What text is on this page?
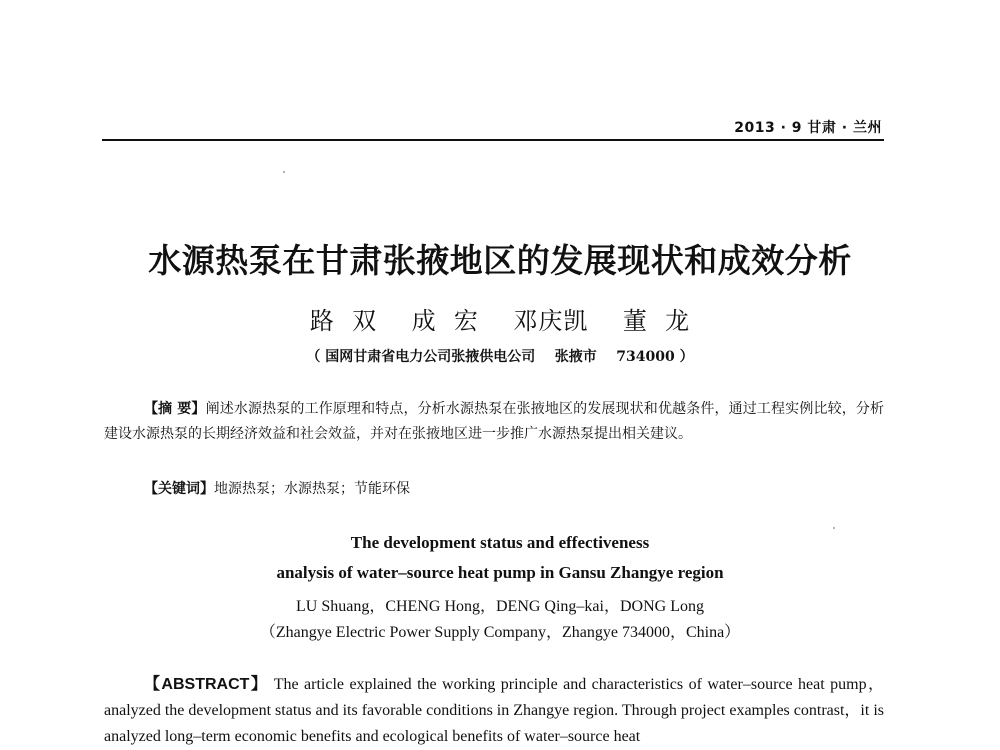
2013 · 9 甘肃 · 兰州
水源热泵在甘肃张掖地区的发展现状和成效分析
路  双 成  宏 邓庆凯 董  龙
（ 国网甘肃省电力公司张掖供电公司    张掖市    734000 ）
【摘 要】阐述水源热泵的工作原理和特点，分析水源热泵在张掖地区的发展现状和优越条件，通过工程实例比较，分析建设水源热泵的长期经济效益和社会效益，并对在张掖地区进一步推广水源热泵提出相关建议。
【关键词】地源热泵；水源热泵；节能环保
The development status and effectiveness
analysis of water–source heat pump in Gansu Zhangye region
LU Shuang，CHENG Hong，DENG Qing–kai，DONG Long
（Zhangye Electric Power Supply Company，Zhangye 734000，China）
【ABSTRACT】 The article explained the working principle and characteristics of water–source heat pump，analyzed the development status and its favorable conditions in Zhangye region. Through project examples contrast，it is analyzed long–term economic benefits and ecological benefits of water–source heat
